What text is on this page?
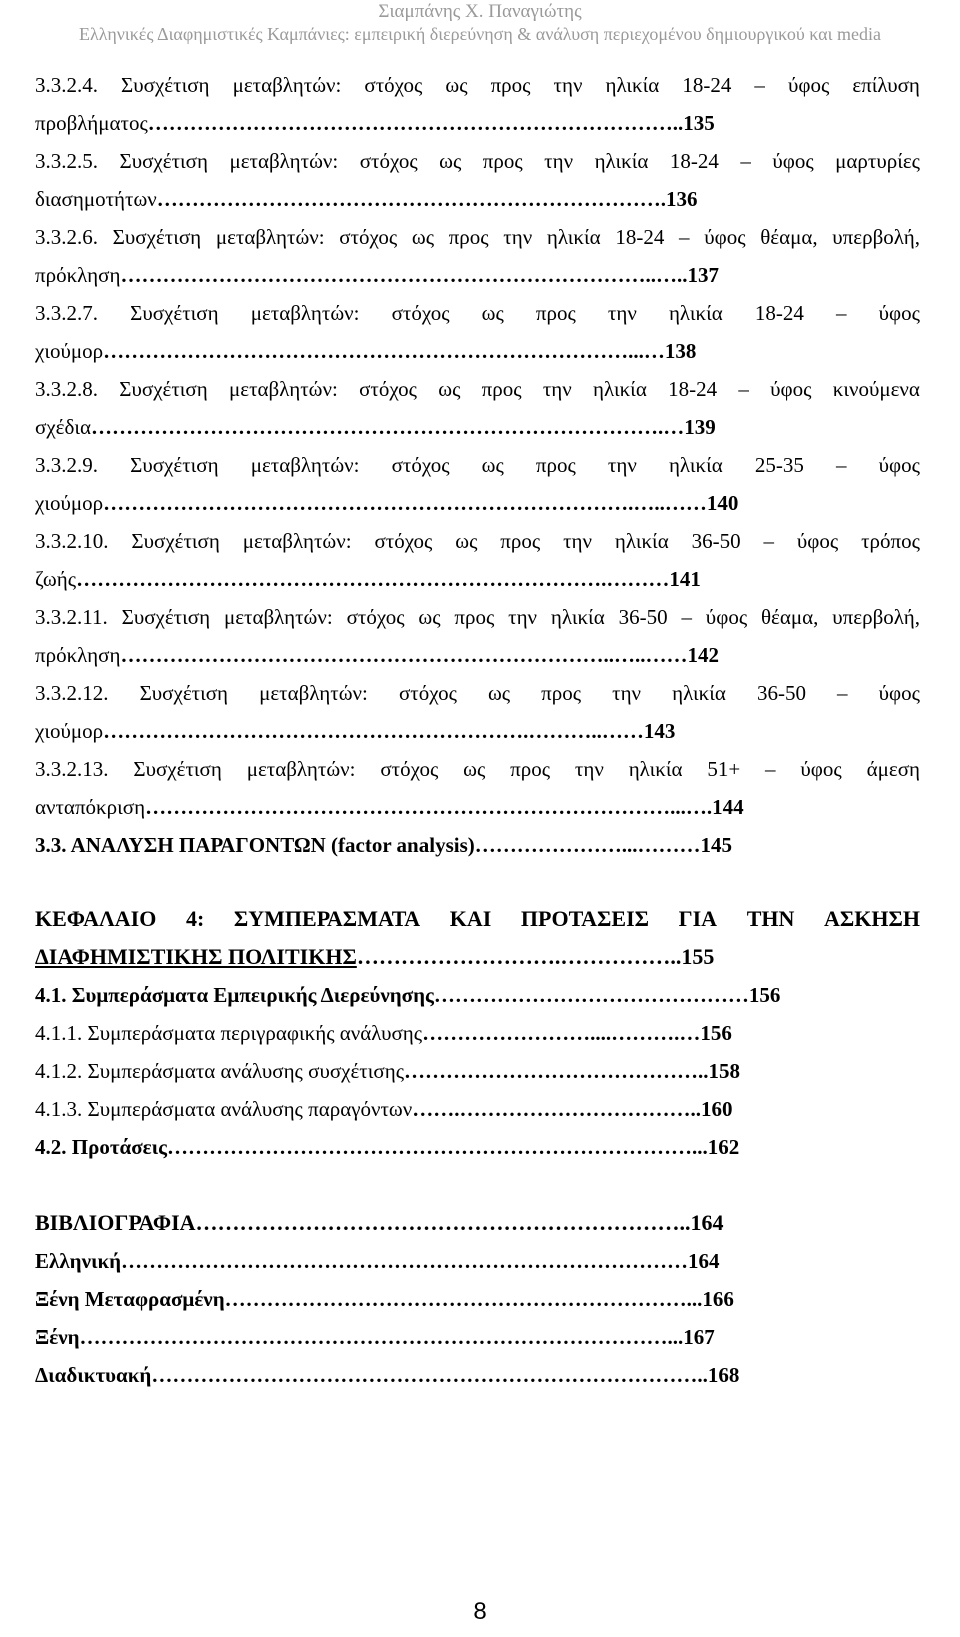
Σιαμπάνης Χ. Παναγιώτης
Ελληνικές Διαφημιστικές Καμπάνιες: εμπειρική διερεύνηση & ανάλυση περιεχομένου δημιουργικού και media
3.3.2.4. Συσχέτιση μεταβλητών: στόχος ως προς την ηλικία 18-24 – ύφος επίλυση
προβλήματος ………………………………………………………………….. 135
3.3.2.5. Συσχέτιση μεταβλητών: στόχος ως προς την ηλικία 18-24 – ύφος μαρτυρίες
διασημοτήτων ………………………………………………………………. 136
3.3.2.6. Συσχέτιση μεταβλητών: στόχος ως προς την ηλικία 18-24 – ύφος θέαμα, υπερβολή,
πρόκληση …………………………………………………………………..….. 137
3.3.2.7. Συσχέτιση μεταβλητών: στόχος ως προς την ηλικία 18-24 – ύφος
χιούμορ …………………………………………………………………...… 138
3.3.2.8. Συσχέτιση μεταβλητών: στόχος ως προς την ηλικία 18-24 – ύφος κινούμενα
σχέδια ……………………………………………………………………….… 139
3.3.2.9. Συσχέτιση μεταβλητών: στόχος ως προς την ηλικία 25-35 – ύφος
χιούμορ ………………………………………………………………….…..…… 140
3.3.2.10. Συσχέτιση μεταβλητών: στόχος ως προς την ηλικία 36-50 – ύφος τρόπος
ζωής ………………………………………………………………….……… 141
3.3.2.11. Συσχέτιση μεταβλητών: στόχος ως προς την ηλικία 36-50 – ύφος θέαμα, υπερβολή,
πρόκληση ……………………………………………………………..…..…… 142
3.3.2.12. Συσχέτιση μεταβλητών: στόχος ως προς την ηλικία 36-50 – ύφος
χιούμορ …………………………………………………….………..…… 143
3.3.2.13. Συσχέτιση μεταβλητών: στόχος ως προς την ηλικία 51+ – ύφος άμεση
ανταπόκριση …………………………………………………………………...…. 144
3.3. ΑΝΑΛΥΣΗ ΠΑΡΑΓΟΝΤΩΝ (factor analysis) …………………...……… 145
ΚΕΦΑΛΑΙΟ 4: ΣΥΜΠΕΡΑΣΜΑΤΑ ΚΑΙ ΠΡΟΤΑΣΕΙΣ ΓΙΑ ΤΗΝ ΑΣΚΗΣΗ
ΔΙΑΦΗΜΙΣΤΙΚΗΣ ΠΟΛΙΤΙΚΗΣ ……………………….…………….. 155
4.1. Συμπεράσματα Εμπειρικής Διερεύνησης ……………………………………… 156
4.1.1. Συμπεράσματα περιγραφικής ανάλυσης ……………………....……….… 156
4.1.2. Συμπεράσματα ανάλυσης συσχέτισης …………………………………….. 158
4.1.3. Συμπεράσματα ανάλυσης παραγόντων …….…………………………….. 160
4.2. Προτάσεις …………………………………………………………………... 162
ΒΙΒΛΙΟΓΡΑΦΙΑ ………………………………………………………….. 164
Ελληνική ……………………………………………………………………… 164
Ξένη Μεταφρασμένη …………………………………………………………... 166
Ξένη …………………………………………………………………………... 167
Διαδικτυακή …………………………………………………………………….. 168
8
